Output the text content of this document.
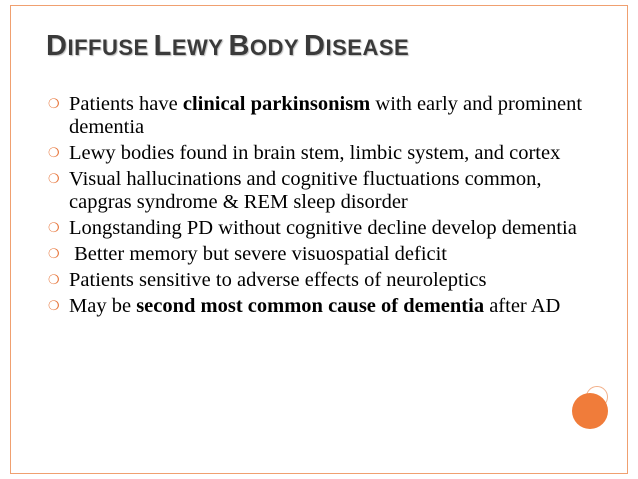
DIFFUSE LEWY BODY DISEASE
❍ Patients have clinical parkinsonism with early and prominent dementia
❍ Lewy bodies found in brain stem, limbic system, and cortex
❍ Visual hallucinations and cognitive fluctuations common, capgras syndrome & REM sleep disorder
❍ Longstanding PD without cognitive decline develop dementia
❍ Better memory but severe visuospatial deficit
❍ Patients sensitive to adverse effects of neuroleptics
❍ May be second most common cause of dementia after AD
